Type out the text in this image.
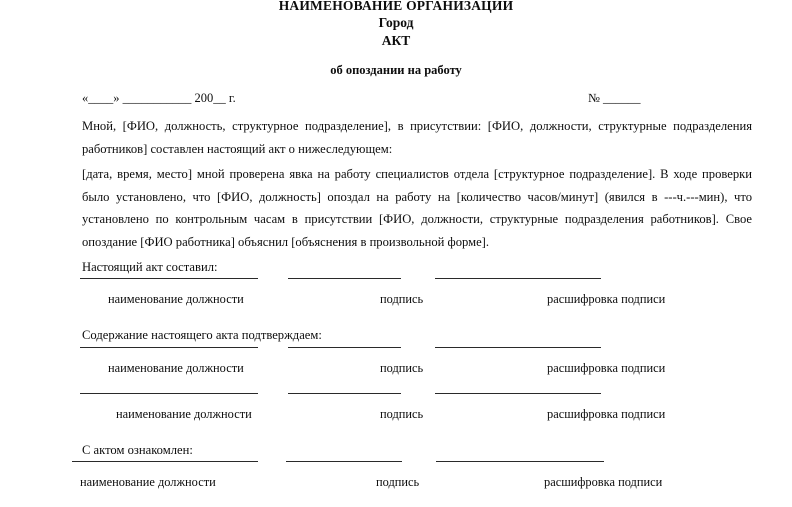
НАИМЕНОВАНИЕ ОРГАНИЗАЦИИ
Город
АКТ
об опоздании на работу
«____» ___________ 200__ г.	№ ______

Мной, [ФИО, должность, структурное подразделение], в присутствии: [ФИО, должности, структурные подразделения работников] составлен настоящий акт о нижеследующем:

[дата, время, место] мной проверена явка на работу специалистов отдела [структурное подразделение]. В ходе проверки было установлено, что [ФИО, должность] опоздал на работу на [количество часов/минут] (явился в ---ч.---мин), что установлено по контрольным часам в присутствии [ФИО, должности, структурные подразделения работников]. Свое опоздание [ФИО работника] объяснил [объяснения в произвольной форме].

Настоящий акт составил:
наименование должности	подпись	расшифровка подписи
Содержание настоящего акта подтверждаем:
наименование должности	подпись	расшифровка подписи
наименование должности	подпись	расшифровка подписи
С актом ознакомлен:
наименование должности	подпись	расшифровка подписи
